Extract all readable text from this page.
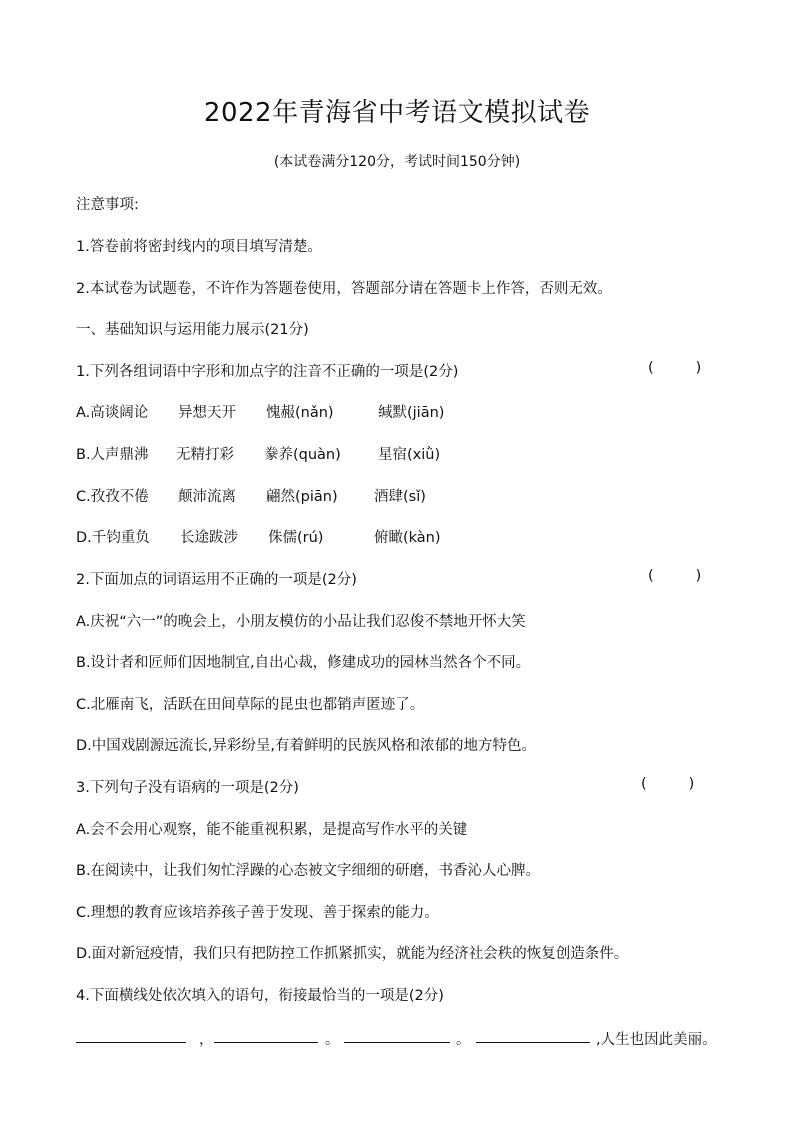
2022年青海省中考语文模拟试卷
(本试卷满分120分，考试时间150分钟)
注意事项:
1.答卷前将密封线内的项目填写清楚。
2.本试卷为试题卷，不许作为答题卷使用，答题部分请在答题卡上作答，否则无效。
一、基础知识与运用能力展示(21分)
1.下列各组词语中字形和加点字的注音不正确的一项是(2分)	(	)
A.高谈阔论 异想天开 愧赧(nǎn)	缄默(jiān)
B.人声鼎沸 无精打彩 豢养(quàn)	星宿(xiǜ)
C.孜孜不倦 颠沛流离 翩然(piān)	酒肆(sǐ)
D.千钧重负 长途跋涉 侏儒(rú)	俯瞰(kàn)
2.下面加点的词语运用不正确的一项是(2分)	(	)
A.庆祝“六一”的晚会上，小朋友模仿的小品让我们忍俊不禁地开怀大笑
B.设计者和匠师们因地制宜,自出心裁，修建成功的园林当然各个不同。
C.北雁南飞，活跃在田间草际的昆虫也都销声匿迹了。
D.中国戏剧源远流长,异彩纷呈,有着鲜明的民族风格和浓郁的地方特色。
3.下列句子没有语病的一项是(2分)	(	)
A.会不会用心观察，能不能重视积累，是提高写作水平的关键
B.在阅读中，让我们匆忙浮躁的心态被文字细细的研磨，书香沁人心脾。
C.理想的教育应该培养孩子善于发现、善于探索的能力。
D.面对新冠疫情，我们只有把防控工作抓紧抓实，就能为经济社会秩的恢复创造条件。
4.下面横线处依次填入的语句，衔接最恰当的一项是(2分)
，	。	。	,人生也因此美丽。
